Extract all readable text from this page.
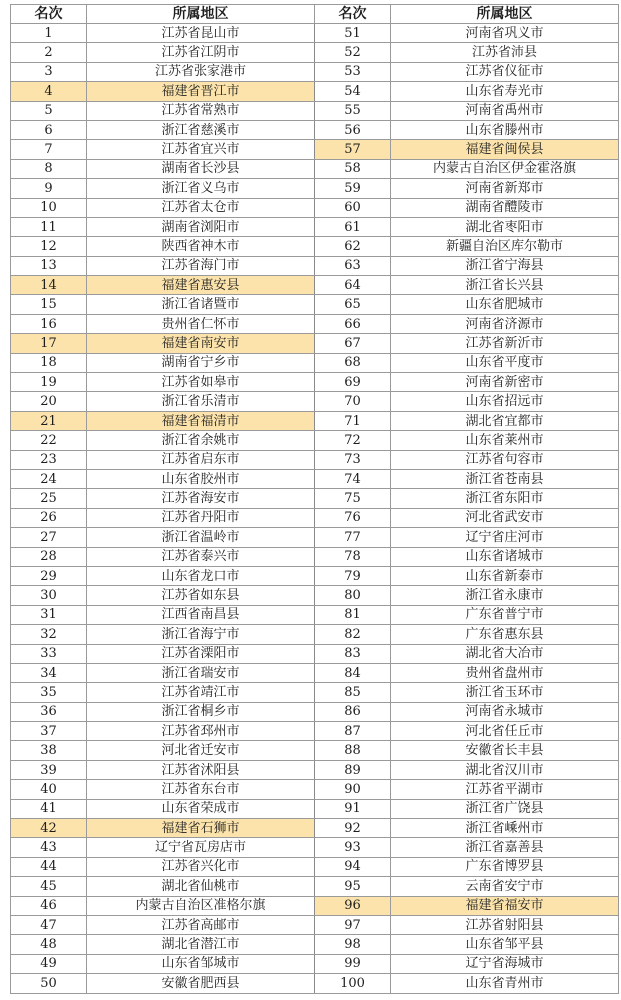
名次	所属地区	名次	所属地区
1	江苏省昆山市	51	河南省巩义市
2	江苏省江阴市	52	江苏省沛县
3	江苏省张家港市	53	江苏省仪征市
4	福建省晋江市	54	山东省寿光市
5	江苏省常熟市	55	河南省禹州市
6	浙江省慈溪市	56	山东省滕州市
7	江苏省宜兴市	57	福建省闽侯县
8	湖南省长沙县	58	内蒙古自治区伊金霍洛旗
9	浙江省义乌市	59	河南省新郑市
10	江苏省太仓市	60	湖南省醴陵市
11	湖南省浏阳市	61	湖北省枣阳市
12	陕西省神木市	62	新疆自治区库尔勒市
13	江苏省海门市	63	浙江省宁海县
14	福建省惠安县	64	浙江省长兴县
15	浙江省诸暨市	65	山东省肥城市
16	贵州省仁怀市	66	河南省济源市
17	福建省南安市	67	江苏省新沂市
18	湖南省宁乡市	68	山东省平度市
19	江苏省如皋市	69	河南省新密市
20	浙江省乐清市	70	山东省招远市
21	福建省福清市	71	湖北省宜都市
22	浙江省余姚市	72	山东省莱州市
23	江苏省启东市	73	江苏省句容市
24	山东省胶州市	74	浙江省苍南县
25	江苏省海安市	75	浙江省东阳市
26	江苏省丹阳市	76	河北省武安市
27	浙江省温岭市	77	辽宁省庄河市
28	江苏省泰兴市	78	山东省诸城市
29	山东省龙口市	79	山东省新泰市
30	江苏省如东县	80	浙江省永康市
31	江西省南昌县	81	广东省普宁市
32	浙江省海宁市	82	广东省惠东县
33	江苏省溧阳市	83	湖北省大冶市
34	浙江省瑞安市	84	贵州省盘州市
35	江苏省靖江市	85	浙江省玉环市
36	浙江省桐乡市	86	河南省永城市
37	江苏省邳州市	87	河北省任丘市
38	河北省迁安市	88	安徽省长丰县
39	江苏省沭阳县	89	湖北省汉川市
40	江苏省东台市	90	江苏省平湖市
41	山东省荣成市	91	浙江省广饶县
42	福建省石狮市	92	浙江省嵊州市
43	辽宁省瓦房店市	93	浙江省嘉善县
44	江苏省兴化市	94	广东省博罗县
45	湖北省仙桃市	95	云南省安宁市
46	内蒙古自治区准格尔旗	96	福建省福安市
47	江苏省高邮市	97	江苏省射阳县
48	湖北省潜江市	98	山东省邹平县
49	山东省邹城市	99	辽宁省海城市
50	安徽省肥西县	100	山东省青州市
